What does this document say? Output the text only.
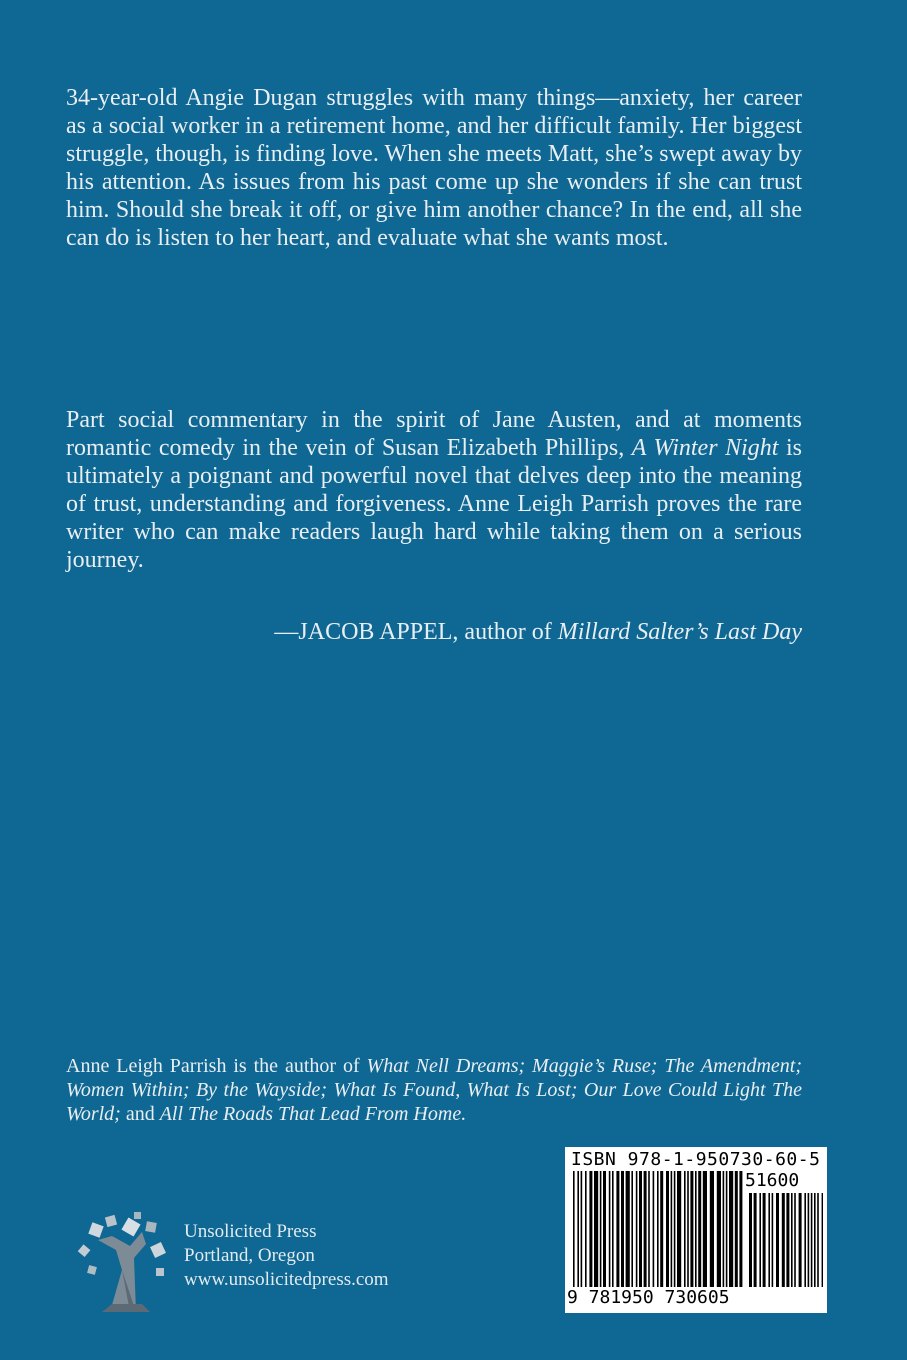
34-year-old Angie Dugan struggles with many things—anxiety, her career as a social worker in a retirement home, and her difficult family. Her biggest struggle, though, is finding love. When she meets Matt, she’s swept away by his attention. As issues from his past come up she wonders if she can trust him. Should she break it off, or give him another chance? In the end, all she can do is listen to her heart, and evaluate what she wants most.

Part social commentary in the spirit of Jane Austen, and at moments romantic comedy in the vein of Susan Elizabeth Phillips, A Winter Night is ultimately a poignant and powerful novel that delves deep into the meaning of trust, understanding and forgiveness. Anne Leigh Parrish proves the rare writer who can make readers laugh hard while taking them on a serious journey.

—JACOB APPEL, author of Millard Salter’s Last Day

Anne Leigh Parrish is the author of What Nell Dreams; Maggie’s Ruse; The Amendment; Women Within; By the Wayside; What Is Found, What Is Lost; Our Love Could Light The World; and All The Roads That Lead From Home.

Unsolicited Press
Portland, Oregon
www.unsolicitedpress.com
ISBN 978-1-950730-60-5
51600
9 781950 730605
